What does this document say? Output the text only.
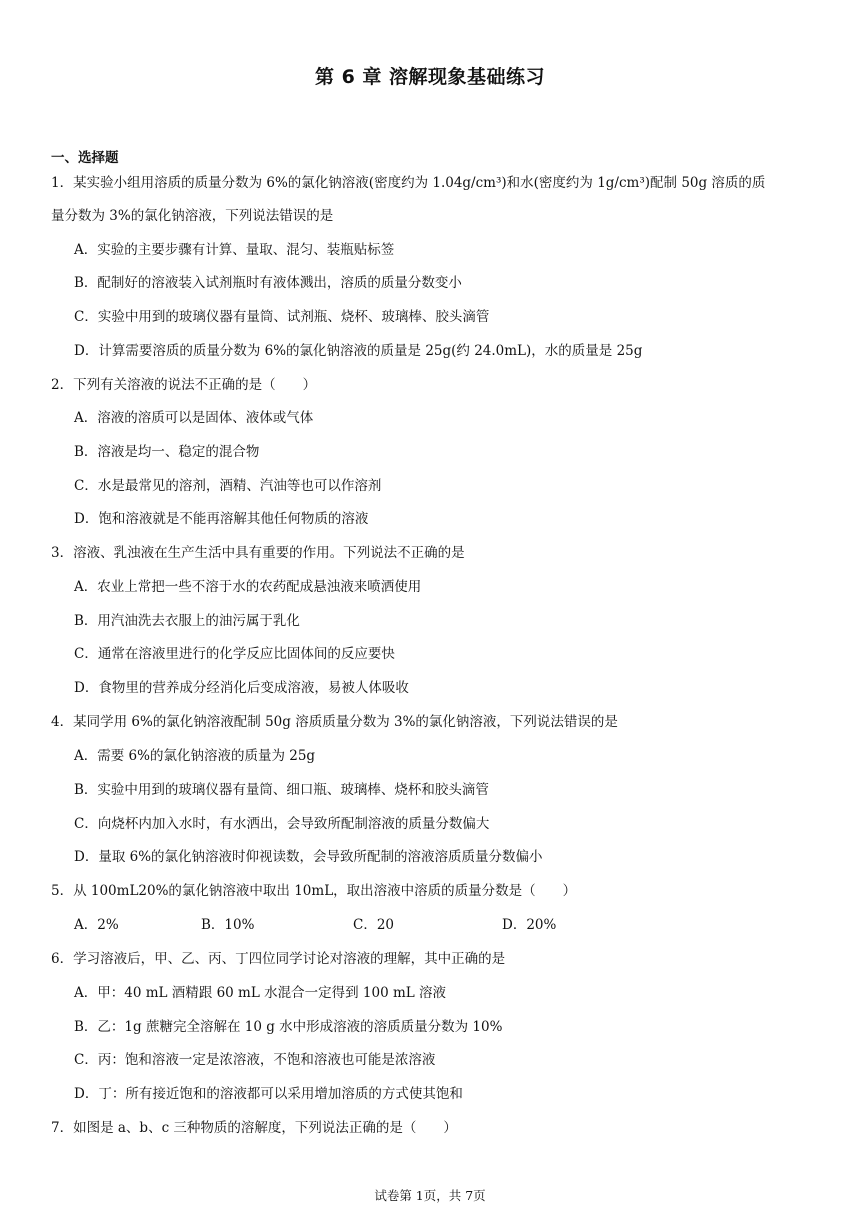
第 6 章 溶解现象基础练习
一、选择题
1．某实验小组用溶质的质量分数为 6%的氯化钠溶液(密度约为 1.04g/cm³)和水(密度约为 1g/cm³)配制 50g 溶质的质
量分数为 3%的氯化钠溶液，下列说法错误的是
A．实验的主要步骤有计算、量取、混匀、装瓶贴标签
B．配制好的溶液装入试剂瓶时有液体溅出，溶质的质量分数变小
C．实验中用到的玻璃仪器有量筒、试剂瓶、烧杯、玻璃棒、胶头滴管
D．计算需要溶质的质量分数为 6%的氯化钠溶液的质量是 25g(约 24.0mL)，水的质量是 25g
2．下列有关溶液的说法不正确的是（　　）
A．溶液的溶质可以是固体、液体或气体
B．溶液是均一、稳定的混合物
C．水是最常见的溶剂，酒精、汽油等也可以作溶剂
D．饱和溶液就是不能再溶解其他任何物质的溶液
3．溶液、乳浊液在生产生活中具有重要的作用。下列说法不正确的是
A．农业上常把一些不溶于水的农药配成悬浊液来喷洒使用
B．用汽油洗去衣服上的油污属于乳化
C．通常在溶液里进行的化学反应比固体间的反应要快
D．食物里的营养成分经消化后变成溶液，易被人体吸收
4．某同学用 6%的氯化钠溶液配制 50g 溶质质量分数为 3%的氯化钠溶液，下列说法错误的是
A．需要 6%的氯化钠溶液的质量为 25g
B．实验中用到的玻璃仪器有量筒、细口瓶、玻璃棒、烧杯和胶头滴管
C．向烧杯内加入水时，有水洒出，会导致所配制溶液的质量分数偏大
D．量取 6%的氯化钠溶液时仰视读数，会导致所配制的溶液溶质质量分数偏小
5．从 100mL20%的氯化钠溶液中取出 10mL，取出溶液中溶质的质量分数是（　　）
A．2%	B．10%	C．20	D．20%
6．学习溶液后，甲、乙、丙、丁四位同学讨论对溶液的理解，其中正确的是
A．甲：40 mL 酒精跟 60 mL 水混合一定得到 100 mL 溶液
B．乙：1g 蔗糖完全溶解在 10 g 水中形成溶液的溶质质量分数为 10%
C．丙：饱和溶液一定是浓溶液，不饱和溶液也可能是浓溶液
D．丁：所有接近饱和的溶液都可以采用增加溶质的方式使其饱和
7．如图是 a、b、c 三种物质的溶解度，下列说法正确的是（　　）
试卷第 1页，共 7页
